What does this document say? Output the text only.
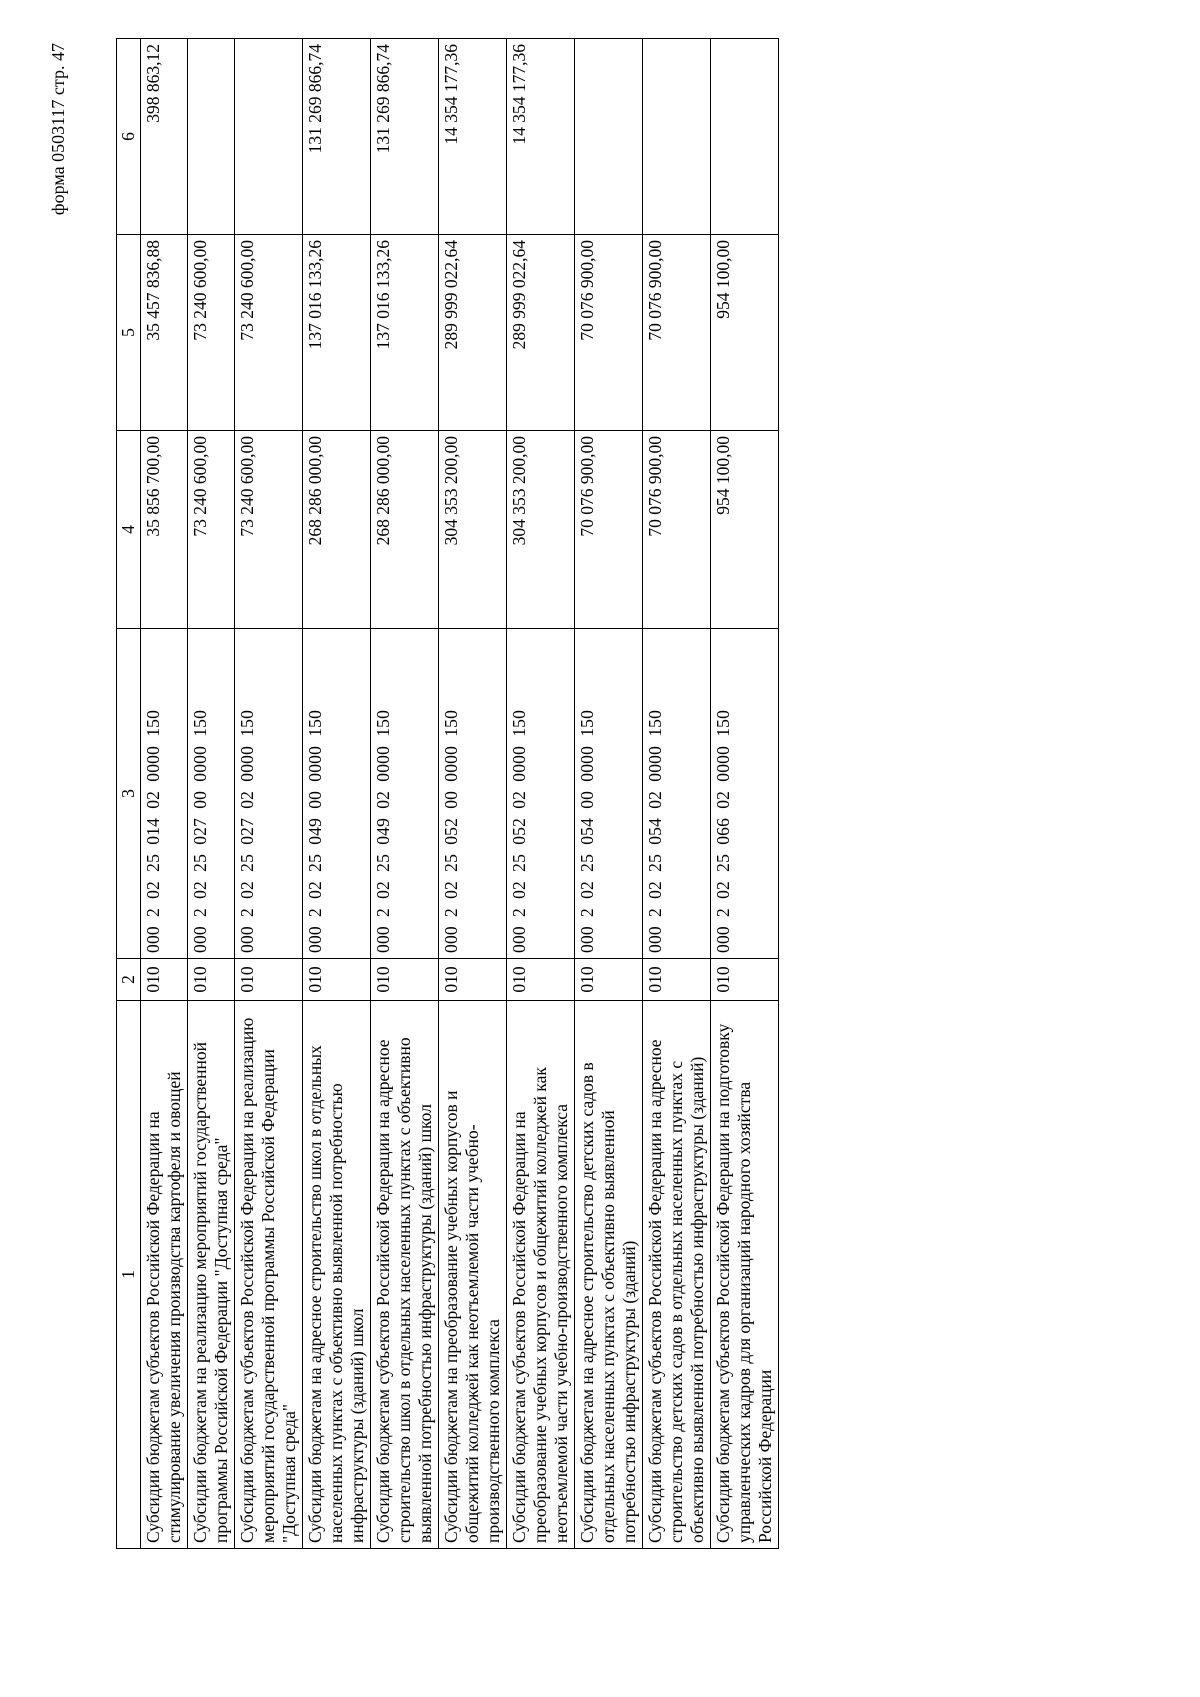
форма 0503117 стр. 47
1	2	3	4	5	6
Субсидии бюджетам субъектов Российской Федерации на стимулирование увеличения производства картофеля и овощей	010	000  2  02  25  014  02  0000  150	35 856 700,00	35 457 836,88	398 863,12
Субсидии бюджетам на реализацию мероприятий государственной программы Российской Федерации "Доступная среда"	010	000  2  02  25  027  00  0000  150	73 240 600,00	73 240 600,00	
Субсидии бюджетам субъектов Российской Федерации на реализацию мероприятий государственной программы Российской Федерации "Доступная среда"	010	000  2  02  25  027  02  0000  150	73 240 600,00	73 240 600,00	
Субсидии бюджетам на адресное строительство школ в отдельных населенных пунктах с объективно выявленной потребностью инфраструктуры (зданий) школ	010	000  2  02  25  049  00  0000  150	268 286 000,00	137 016 133,26	131 269 866,74
Субсидии бюджетам субъектов Российской Федерации на адресное строительство школ в отдельных населенных пунктах с объективно выявленной потребностью инфраструктуры (зданий) школ	010	000  2  02  25  049  02  0000  150	268 286 000,00	137 016 133,26	131 269 866,74
Субсидии бюджетам на преобразование учебных корпусов и общежитий колледжей как неотъемлемой части учебно-производственного комплекса	010	000  2  02  25  052  00  0000  150	304 353 200,00	289 999 022,64	14 354 177,36
Субсидии бюджетам субъектов Российской Федерации на преобразование учебных корпусов и общежитий колледжей как неотъемлемой части учебно-производственного комплекса	010	000  2  02  25  052  02  0000  150	304 353 200,00	289 999 022,64	14 354 177,36
Субсидии бюджетам на адресное строительство детских садов в отдельных населенных пунктах с объективно выявленной потребностью инфраструктуры (зданий)	010	000  2  02  25  054  00  0000  150	70 076 900,00	70 076 900,00	
Субсидии бюджетам субъектов Российской Федерации на адресное строительство детских садов в отдельных населенных пунктах с объективно выявленной потребностью инфраструктуры (зданий)	010	000  2  02  25  054  02  0000  150	70 076 900,00	70 076 900,00	
Субсидии бюджетам субъектов Российской Федерации на подготовку управленческих кадров для организаций народного хозяйства Российской Федерации	010	000  2  02  25  066  02  0000  150	954 100,00	954 100,00	
